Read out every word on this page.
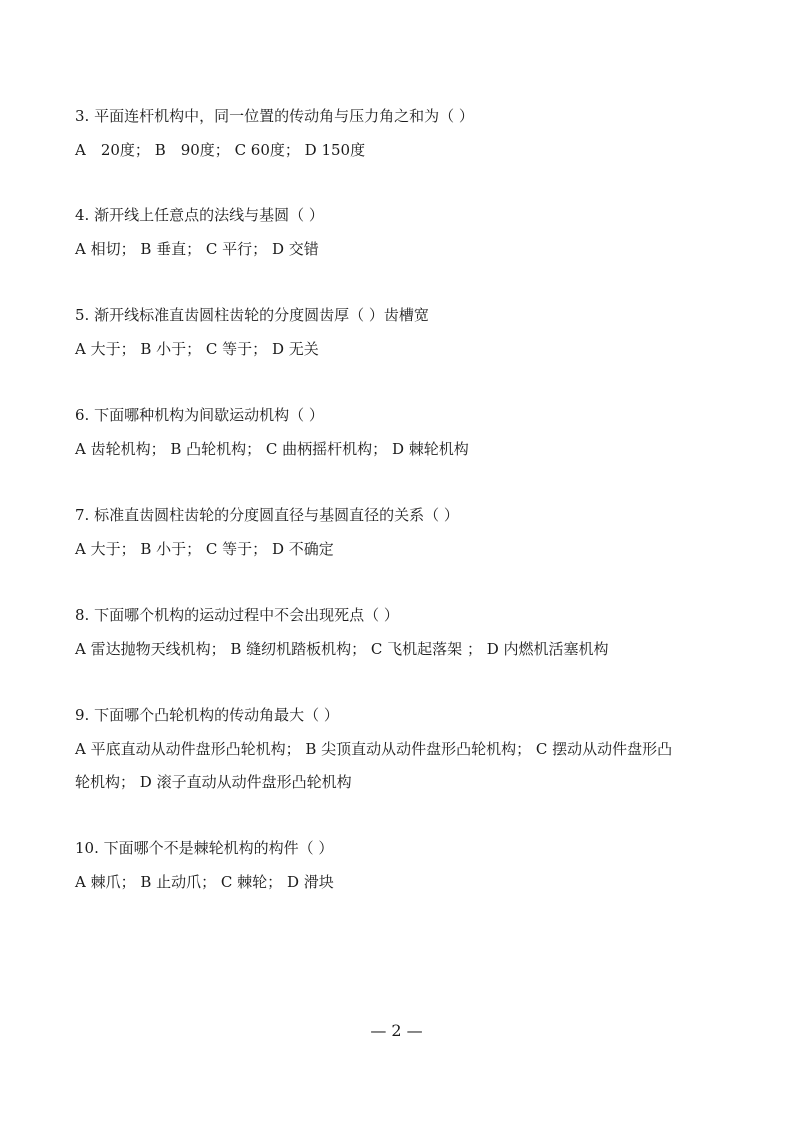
3. 平面连杆机构中，同一位置的传动角与压力角之和为（ ）
A　20度； B　90度； C 60度； D 150度
4. 渐开线上任意点的法线与基圆（ ）
A 相切； B 垂直； C 平行； D 交错
5. 渐开线标准直齿圆柱齿轮的分度圆齿厚（ ）齿槽宽
A 大于； B 小于； C 等于； D 无关
6. 下面哪种机构为间歇运动机构（ ）
A 齿轮机构； B 凸轮机构； C 曲柄摇杆机构； D 棘轮机构
7. 标准直齿圆柱齿轮的分度圆直径与基圆直径的关系（ ）
A 大于； B 小于； C 等于； D 不确定
8. 下面哪个机构的运动过程中不会出现死点（ ）
A 雷达抛物天线机构； B 缝纫机踏板机构； C 飞机起落架 ； D 内燃机活塞机构
9. 下面哪个凸轮机构的传动角最大（ ）
A 平底直动从动件盘形凸轮机构； B 尖顶直动从动件盘形凸轮机构； C 摆动从动件盘形凸
轮机构； D 滚子直动从动件盘形凸轮机构
10. 下面哪个不是棘轮机构的构件（ ）
A 棘爪； B 止动爪； C 棘轮； D 滑块
— 2 —
